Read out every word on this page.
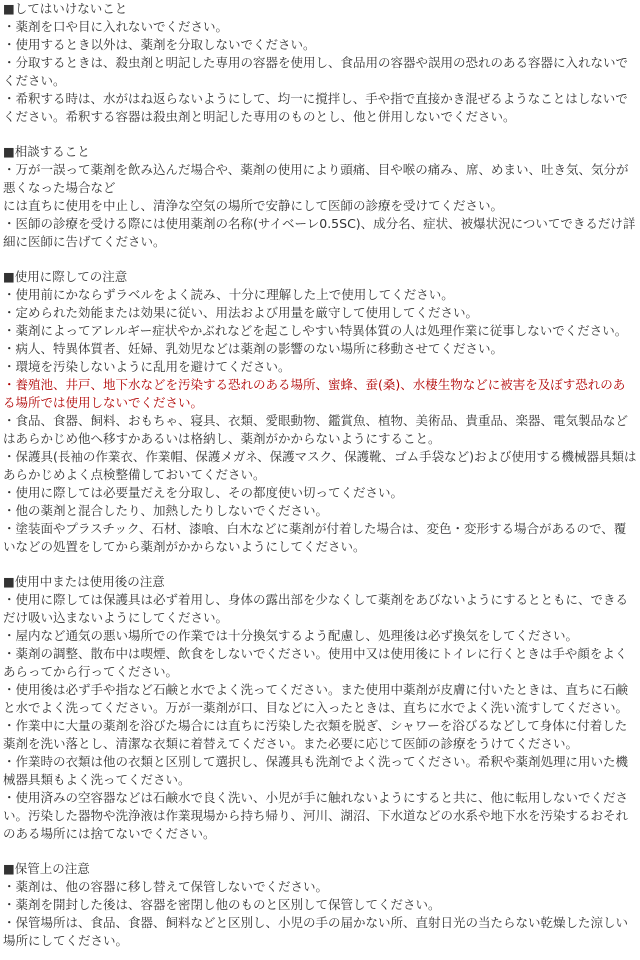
■してはいけないこと

・薬剤を口や目に入れないでください。

・使用するとき以外は、薬剤を分取しないでください。

・分取するときは、殺虫剤と明記した専用の容器を使用し、食品用の容器や誤用の恐れのある容器に入れないでください。

・希釈する時は、水がはね返らないようにして、均一に撹拌し、手や指で直接かき混ぜるようなことはしないでください。希釈する容器は殺虫剤と明記した専用のものとし、他と併用しないでください。

■相談すること

・万が一誤って薬剤を飲み込んだ場合や、薬剤の使用により頭痛、目や喉の痛み、席、めまい、吐き気、気分が悪くなった場合など

には直ちに使用を中止し、清浄な空気の場所で安静にして医師の診療を受けてください。

・医師の診療を受ける際には使用薬剤の名称(サイベーレ0.5SC)、成分名、症状、被爆状況についてできるだけ詳細に医師に告げてください。

■使用に際しての注意

・使用前にかならずラベルをよく読み、十分に理解した上で使用してください。

・定められた効能または効果に従い、用法および用量を厳守して使用してください。

・薬剤によってアレルギー症状やかぶれなどを起こしやすい特異体質の人は処理作業に従事しないでください。

・病人、特異体質者、妊婦、乳効児などは薬剤の影響のない場所に移動させてください。

・環境を汚染しないように乱用を避けてください。

・養殖池、井戸、地下水などを汚染する恐れのある場所、蜜蜂、蚕(桑)、水棲生物などに被害を及ぼす恐れのある場所では使用しないでください。

・食品、食器、飼料、おもちゃ、寝具、衣類、愛眼動物、鑑賞魚、植物、美術品、貴重品、楽器、電気製品などはあらかじめ他へ移すかあるいは格納し、薬剤がかからないようにすること。

・保護具(長袖の作業衣、作業帽、保護メガネ、保護マスク、保護靴、ゴム手袋など)および使用する機械器具類はあらかじめよく点検整備しておいてください。

・使用に際しては必要量だえを分取し、その都度使い切ってください。

・他の薬剤と混合したり、加熱したりしないでください。

・塗装面やプラスチック、石材、漆喰、白木などに薬剤が付着した場合は、変色・変形する場合があるので、覆いなどの処置をしてから薬剤がかからないようにしてください。

■使用中または使用後の注意

・使用に際しては保護具は必ず着用し、身体の露出部を少なくして薬剤をあびないようにするとともに、できるだけ吸い込まないようにしてください。

・屋内など通気の悪い場所での作業では十分換気するよう配慮し、処理後は必ず換気をしてください。

・薬剤の調整、散布中は喫煙、飲食をしないでください。使用中又は使用後にトイレに行くときは手や顔をよくあらってから行ってください。

・使用後は必ず手や指など石鹸と水でよく洗ってください。また使用中薬剤が皮膚に付いたときは、直ちに石鹸と水でよく洗ってください。万が一薬剤が口、目などに入ったときは、直ちに水でよく洗い流すしてください。

・作業中に大量の薬剤を浴びた場合には直ちに汚染した衣類を脱ぎ、シャワーを浴びるなどして身体に付着した薬剤を洗い落とし、清潔な衣類に着替えてください。また必要に応じて医師の診療をうけてください。

・作業時の衣類は他の衣類と区別して選択し、保護具も洗剤でよく洗ってください。希釈や薬剤処理に用いた機械器具類もよく洗ってください。

・使用済みの空容器などは石鹸水で良く洗い、小児が手に触れないようにすると共に、他に転用しないでください。汚染した器物や洗浄液は作業現場から持ち帰り、河川、湖沼、下水道などの水系や地下水を汚染するおそれのある場所には捨てないでください。

■保管上の注意

・薬剤は、他の容器に移し替えて保管しないでください。

・薬剤を開封した後は、容器を密閉し他のものと区別して保管してください。

・保管場所は、食品、食器、飼料などと区別し、小児の手の届かない所、直射日光の当たらない乾燥した涼しい場所にしてください。
